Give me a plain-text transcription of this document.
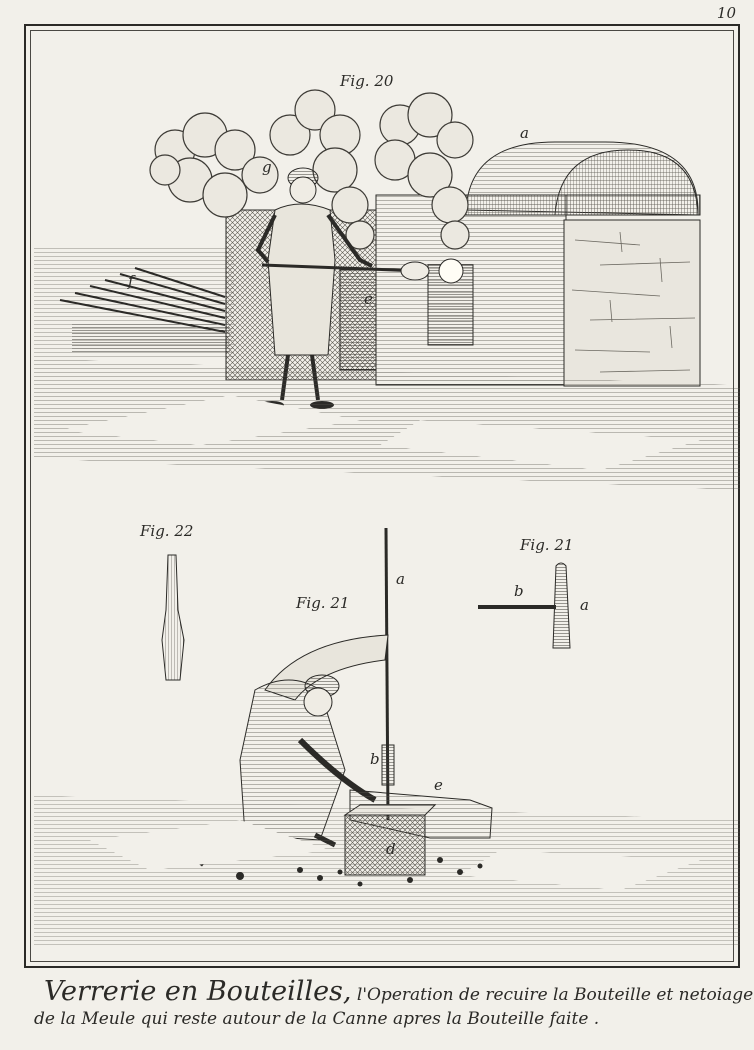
10
Fig. 20
Fig. 22
Fig. 21
Fig. 21
a
g
f
e
a
b
d
e
b
a
Verrerie en Bouteilles, l'Operation de recuire la Bouteille et netoiage
de la Meule qui reste autour de la Canne apres la Bouteille faite .
